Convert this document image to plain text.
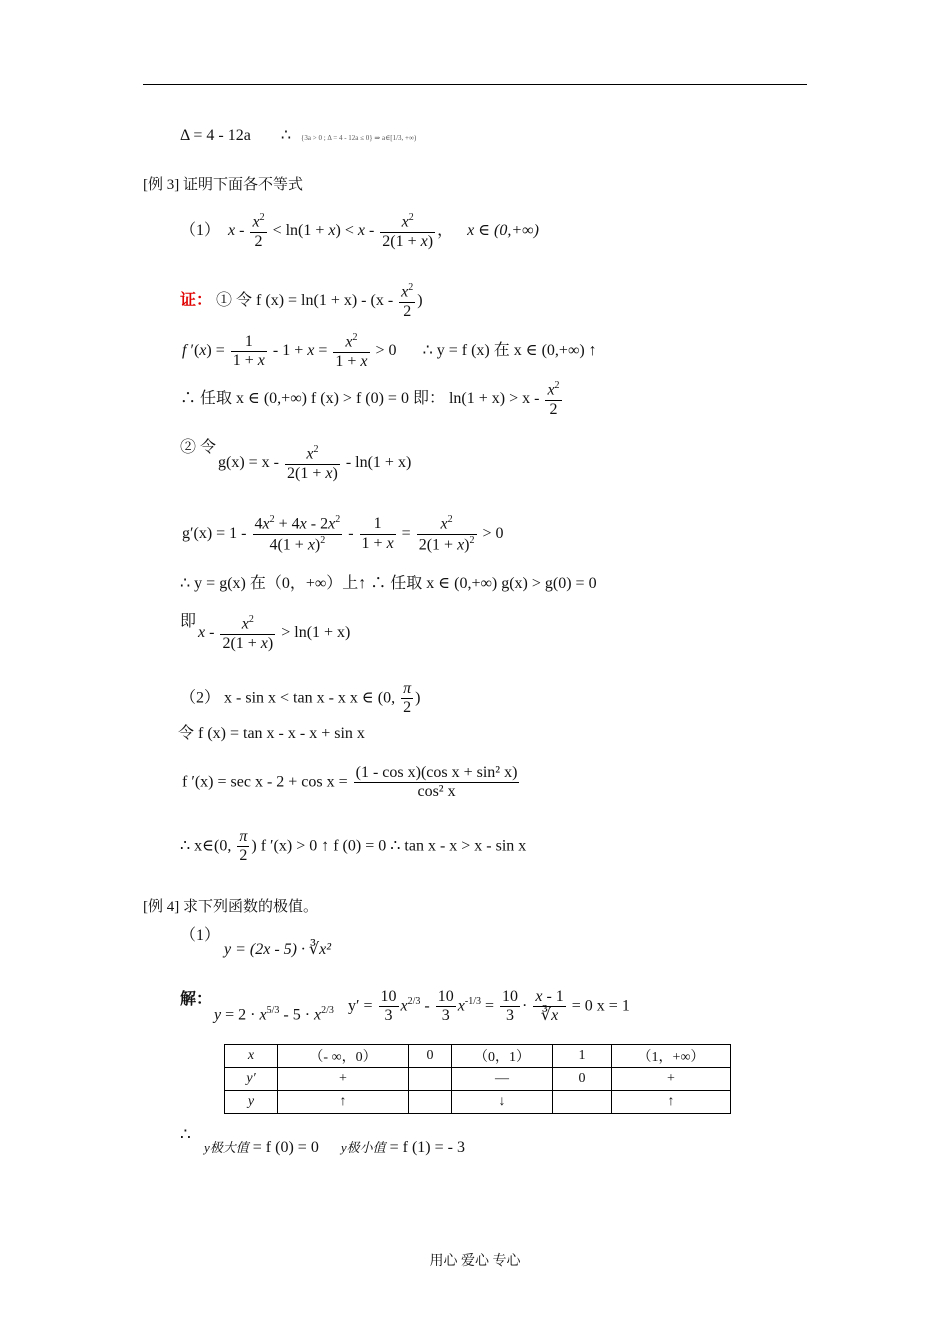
Δ = 4 - 12a ∴ {3a > 0 ; Δ = 4 - 12a ≤ 0} ⇒ a∈[1/3, +∞)
[例 3] 证明下面各不等式
（1） $x - \frac{x^2}{2} < \ln(1 + x) < x - \frac{x^2}{2(1 + x)}$ ， x ∈ (0,+∞)
证： ① 令 f $(x) = \ln(1 + x) - (x - \frac{x^2}{2}$ )
f $'(x) = \frac{1}{1 + x} - 1 + x = \frac{x^2}{1 + x} > 0$ ∴ y = f (x) 在 x ∈ (0,+∞) ↑
∴ 任取 x ∈ (0,+∞) f (x) > f (0) = 0 即： $\ln(1 + x) > x - \frac{x^2}{2}$
② 令
$g(x) = x - \frac{x^2}{2(1 + x)} - \ln(1 + x)$
$g'(x) = 1 - \frac{4x^2 + 4x - 2x^2}{4(1 + x)^2} - \frac{1}{1 + x} = \frac{x^2}{2(1 + x)^2} > 0$
∴ y = g(x) 在（0，+∞）上↑ ∴ 任取 x ∈ (0,+∞) g(x) > g(0) = 0
即
$x - \frac{x^2}{2(1 + x)} > \ln(1 + x)$
（2） x - sin x < tan x - x x ∈ (0, $\frac{\pi}{2}$ )
令 f (x) = tan x - x - x + sin x
f $'(x) = \sec x - 2 + \cos x = \frac{\text{(1 - cos x)(cos x + sin² x)}}{\text{cos² x}}$
∴ x∈(0, $\frac{\pi}{2}$ ) f ′(x) > 0 ↑ f (0) = 0 ∴ tan x - x > x - sin x
[例 4] 求下列函数的极值。
（1）
y = (2x - 5) · ∛x²
解：
$y = 2 \cdot x^{5/3} - 5 \cdot x^{2/3}$ $y' = \frac{10}{3} x^{2/3} - \frac{10}{3} x^{-1/3} = \frac{10}{3} \cdot \frac{x - 1}{∛x} = 0$ x = 1
x	（- ∞，0）	0	（0，1）	1	（1，+∞）
y′	+		—	0	+
y	↑		↓		↑
∴
y极大值 = f (0) = 0 y极小值 = f (1) = - 3
用心 爱心 专心
